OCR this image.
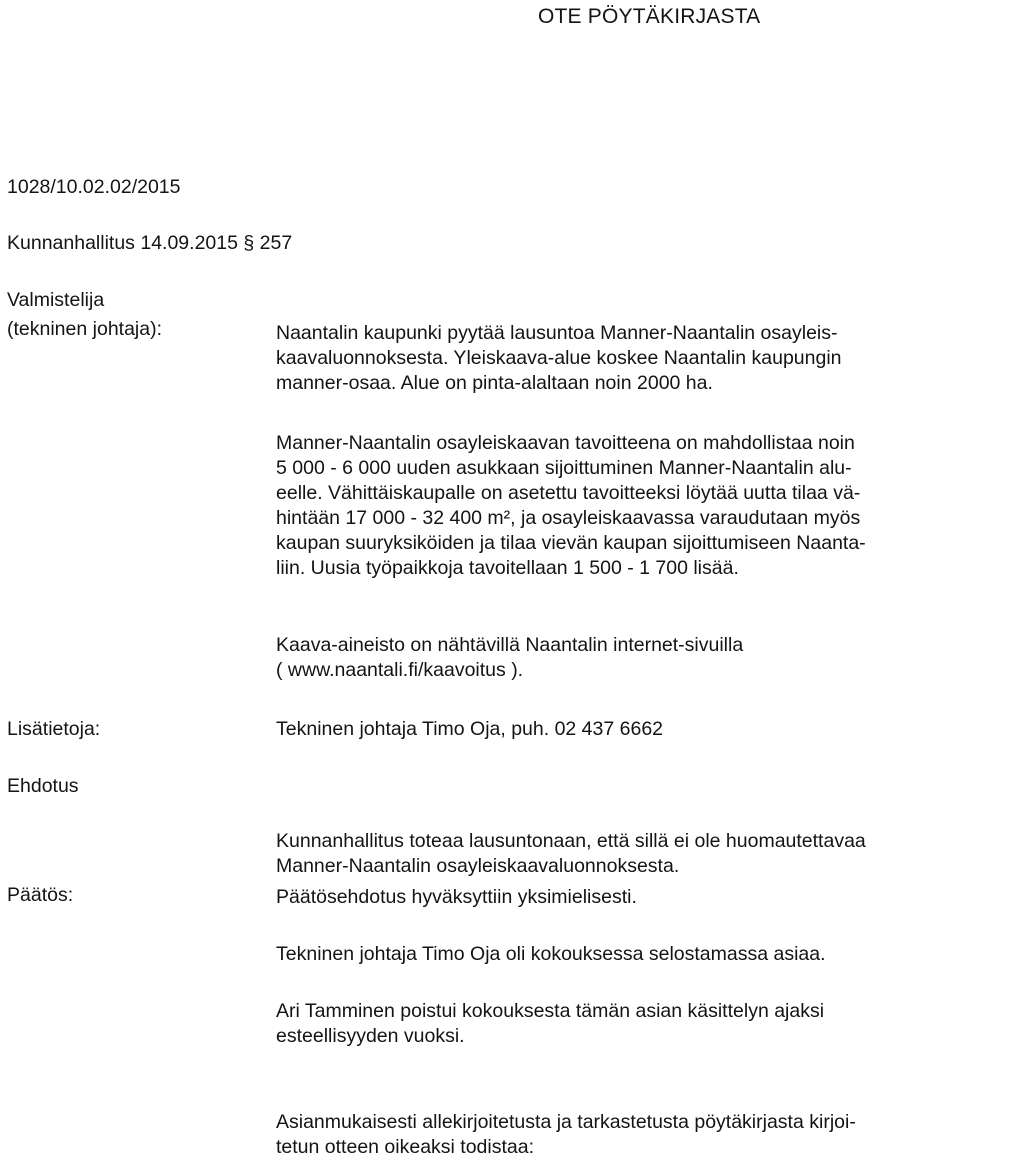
OTE PÖYTÄKIRJASTA
1028/10.02.02/2015
Kunnanhallitus 14.09.2015 § 257
Valmistelija
(tekninen johtaja):	Naantalin kaupunki pyytää lausuntoa Manner-Naantalin osayleis-
kaavaluonnoksesta. Yleiskaava-alue koskee Naantalin kaupungin
manner-osaa. Alue on pinta-alaltaan noin 2000 ha.
Manner-Naantalin osayleiskaavan tavoitteena on mahdollistaa noin
5 000 - 6 000 uuden asukkaan sijoittuminen Manner-Naantalin alu-
eelle. Vähittäiskaupalle on asetettu tavoitteeksi löytää uutta tilaa vä-
hintään 17 000 - 32 400 m², ja osayleiskaavassa varaudutaan myös
kaupan suuryksiköiden ja tilaa vievän kaupan sijoittumiseen Naanta-
liin. Uusia työpaikkoja tavoitellaan 1 500 - 1 700 lisää.
Kaava-aineisto on nähtävillä Naantalin internet-sivuilla
( www.naantali.fi/kaavoitus ).
Lisätietoja:	Tekninen johtaja Timo Oja, puh. 02 437 6662
Ehdotus
Kunnanhallitus toteaa lausuntonaan, että sillä ei ole huomautettavaa
Manner-Naantalin osayleiskaavaluonnoksesta.
Päätös:	Päätösehdotus hyväksyttiin yksimielisesti.
Tekninen johtaja Timo Oja oli kokouksessa selostamassa asiaa.
Ari Tamminen poistui kokouksesta tämän asian käsittelyn ajaksi
esteellisyyden vuoksi.
Asianmukaisesti allekirjoitetusta ja tarkastetusta pöytäkirjasta kirjoi-
tetun otteen oikeaksi todistaa:
